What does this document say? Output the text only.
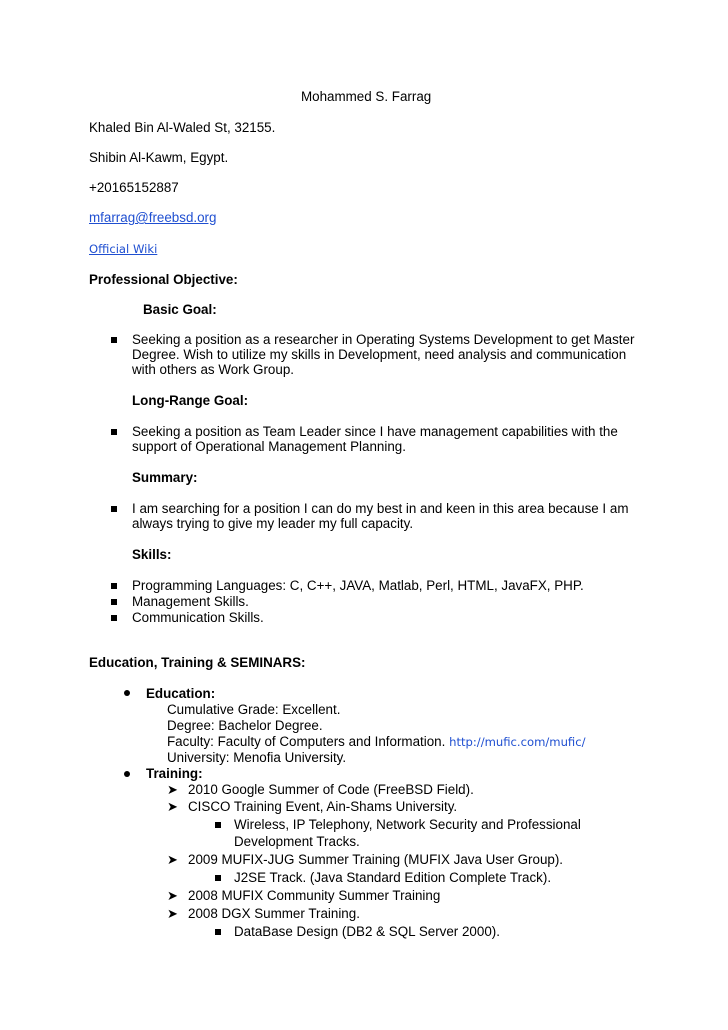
Mohammed S. Farrag
Khaled Bin Al-Waled St, 32155.
Shibin Al-Kawm, Egypt.
+20165152887
mfarrag@freebsd.org
Official Wiki
Professional Objective:
Basic Goal:
Seeking a position as a researcher in Operating Systems Development to get Master
Degree. Wish to utilize my skills in Development, need analysis and communication
with others as Work Group.
Long-Range Goal:
Seeking a position as Team Leader since I have management capabilities with the
support of Operational Management Planning.
Summary:
I am searching for a position I can do my best in and keen in this area because I am
always trying to give my leader my full capacity.
Skills:
Programming Languages: C, C++, JAVA, Matlab, Perl, HTML, JavaFX, PHP.
Management Skills.
Communication Skills.
Education, Training & SEMINARS:
Education:
Cumulative Grade: Excellent.
Degree: Bachelor Degree.
Faculty: Faculty of Computers and Information. http://mufic.com/mufic/
University: Menofia University.
Training:
➤ 2010 Google Summer of Code (FreeBSD Field).
➤ CISCO Training Event, Ain-Shams University.
Wireless, IP Telephony, Network Security and Professional
Development Tracks.
➤ 2009 MUFIX-JUG Summer Training (MUFIX Java User Group).
J2SE Track. (Java Standard Edition Complete Track).
➤ 2008 MUFIX Community Summer Training
➤ 2008 DGX Summer Training.
DataBase Design (DB2 & SQL Server 2000).
